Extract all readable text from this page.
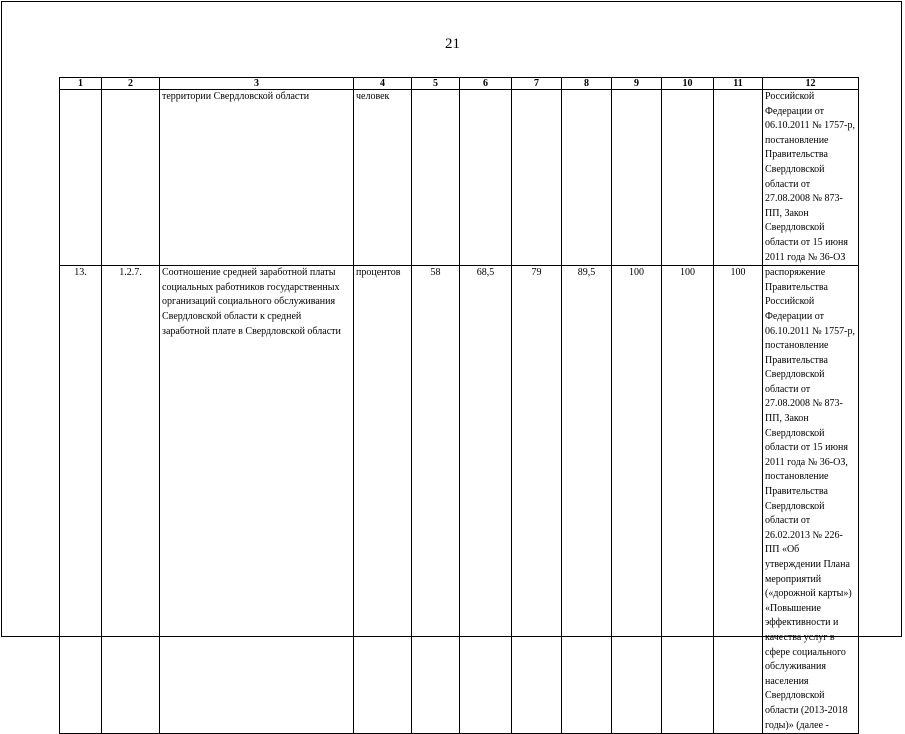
21
1	2	3	4	5	6	7	8	9	10	11	12
		территории Свердловской области	человек								Российской Федерации от 06.10.2011 № 1757-р, постановление Правительства Свердловской области от 27.08.2008 № 873-ПП, Закон Свердловской области от 15 июня 2011 года № 36-ОЗ
13.	1.2.7.	Соотношение средней заработной платы социальных работников государственных организаций социального обслуживания Свердловской области к средней заработной плате в Свердловской области	процентов	58	68,5	79	89,5	100	100	100	распоряжение Правительства Российской Федерации от 06.10.2011 № 1757-р, постановление Правительства Свердловской области от 27.08.2008 № 873-ПП, Закон Свердловской области от 15 июня 2011 года № 36-ОЗ, постановление Правительства Свердловской области от 26.02.2013 № 226-ПП «Об утверждении Плана мероприятий («дорожной карты») «Повышение эффективности и качества услуг в сфере социального обслуживания населения Свердловской области (2013-2018 годы)» (далее -
